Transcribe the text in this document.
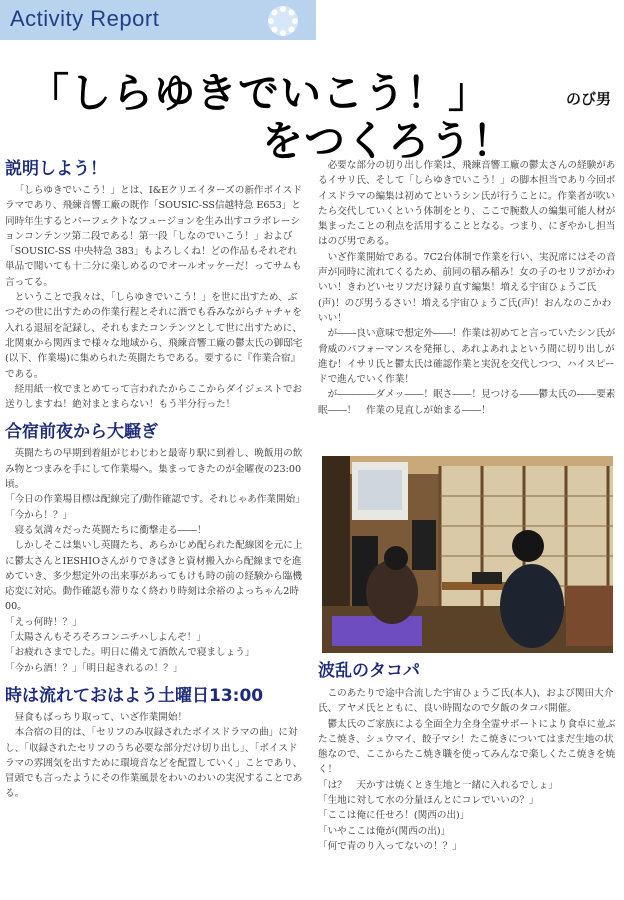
Activity Report
「しらゆきでいこう！」
をつくろう！
のび男
説明しよう！

「しらゆきでいこう！」とは、I&Eクリエイターズの新作ボイスドラマであり、飛練音響工廠の既作「SOUSIC-SS信越特急 E653」と同時年生するとパーフェクトなフュージョンを生み出すコラボレーションコンテンツ第二段である！第一段「しなのでいこう！」および「SOUSIC-SS 中央特急 383」もよろしくね！どの作品もそれぞれ単品で聞いても十二分に楽しめるのでオールオッケーだ！ってサムも言ってる。

ということで我々は、「しらゆきでいこう！」を世に出すため、ぶつぞの世に出すための作業行程とそれに酒でも呑みながらチャチャを入れる退屈を記録し、それもまたコンテンツとして世に出すために、北関東から関西まで様々な地域から、飛練音響工廠の鬱太氏の御邸宅(以下、作業場)に集められた英闘たちである。要するに『作業合宿』である。

経用紙一枚でまとめてって言われたからここからダイジェストでお送りしますね！絶対まとまらない！もう半分行った！

合宿前夜から大騒ぎ

英闘たちの早期到着組がじわじわと最寄り駅に到着し、晩飯用の飲み物とつまみを手にして作業場へ。集まってきたのが金曜夜の23:00頃。

「今日の作業場目標は配線完了/動作確認です。それじゃあ作業開始」

「今から！？」

寝る気満々だった英闘たちに衝撃走る――！

しかしそこは集いし英闘たち、あらかじめ配られた配線図を元に上に鬱太さんとIESHIOさんがりできぱきと資材搬入から配線までを進めていき、多少想定外の出来事があってもけも時の前の経験から臨機応変に対応。動作確認も滞りなく終わり時刻は余裕のよっちゃん2時00。

「えっ何時！？」

「太陽さんもそろそろコンニチハしよんぞ！」

「お疲れさまでした。明日に備えて酒飲んで寝ましょう」

「今から酒！？」「明日起きれるの！？」

時は流れておはよう土曜日13:00

昼食もばっちり取って、いざ作業開始！

本合宿の目的は、「セリフのみ収録されたボイスドラマの曲」に対し、「収録されたセリフのうち必要な部分だけ切り出し」、「ボイスドラマの雰囲気を出すために環境音などを配置していく」ことであり、冒頭でも言ったようにその作業風景をわいのわいの実況することである。

必要な部分の切り出し作業は、飛練音響工廠の鬱太さんの経験があるイサリ氏、そして「しらゆきでいこう！」の脚本担当であり今回ボイスドラマの編集は初めてというシン氏が行うことに。作業者が吹いたら交代していくという体制をとり、ここで腕数人の編集可能人材が集まったことの利点を活用することとなる。つまり、にぎやかし担当はのび男である。

いざ作業開始である。7C2台体制で作業を行い、実況席にはその音声が同時に流れてくるため、前同の稲み稲み！女の子のセリフがかわいい！きわどいセリフだけ録り直す編集！増える宇宙ひょうご氏(声)！のび男うるさい！増える宇宙ひょうご氏(声)！おんなのこかわいい！

が――良い意味で想定外――！作業は初めてと言っていたシン氏が脅威のパフォーマンスを発揮し、あれよあれよという間に切り出しが進む！イサリ氏と鬱太氏は確認作業と実況を交代しつつ、ハイスピードで進んでいく作業！

が――――ダメッ――！眠さ――！見つける――鬱太氏の――要素眠――！　作業の見直しが始まる――！

波乱のタコパ

このあたりで途中合流した宇宙ひょうご氏(本人)、および関田大介氏、アヤメ氏とともに、良い時間なので夕飯のタコパ開催。

鬱太氏のご家族による全面全力全身全霊サポートにより食卓に並ぶたこ焼き、シュウマイ、餃子マシ！たこ焼きについてはまだ生地の状態なので、ここからたこ焼き職を使ってみんなで楽しくたこ焼きを焼く！

「は？　天かすは焼くとき生地と一緒に入れるでしょ」

「生地に対して水の分量ほんとにコレでいいの？」

「ここは俺に任せろ！(関西の出)」

「いやここは俺が(関西の出)」

「何で青のり入ってないの！？」
